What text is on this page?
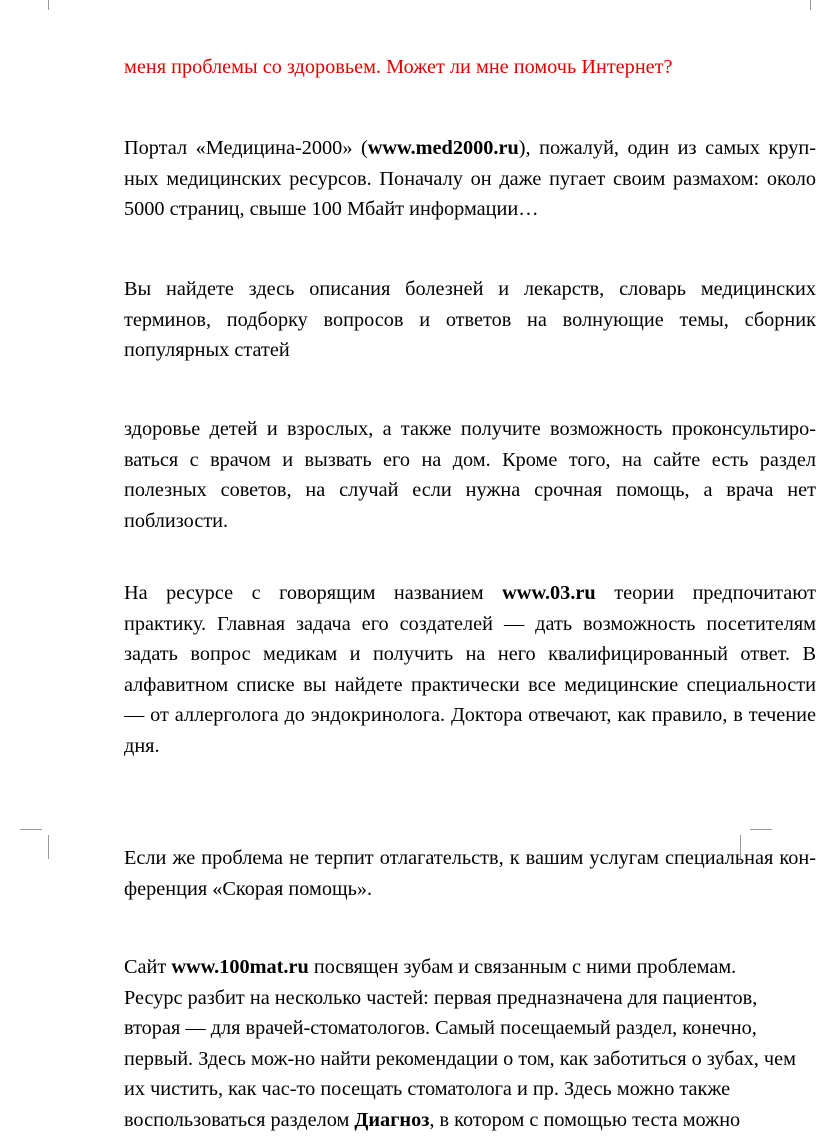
меня проблемы со здоровьем. Может ли мне помочь Интернет?

Портал «Медицина-2000» (www.med2000.ru), пожалуй, один из самых круп-
ных медицинских ресурсов. Поначалу он даже пугает своим размахом: около
5000 страниц, свыше 100 Мбайт информации…

Вы найдете здесь описания болезней и лекарств, словарь медицинских
терминов, подборку вопросов и ответов на волнующие темы, сборник
популярных статей

здоровье детей и взрослых, а также получите возможность проконсультиро-
ваться с врачом и вызвать его на дом. Кроме того, на сайте есть раздел
полезных советов, на случай если нужна срочная помощь, а врача нет
поблизости.

На ресурсе с говорящим названием www.03.ru теории предпочитают
практику. Главная задача его создателей — дать возможность посетителям
задать вопрос медикам и получить на него квалифицированный ответ. В
алфавитном списке вы найдете практически все медицинские специальности
— от аллерголога до эндокринолога. Доктора отвечают, как правило, в течение
дня.

Если же проблема не терпит отлагательств, к вашим услугам специальная кон-
ференция «Скорая помощь».

Сайт www.100mat.ru посвящен зубам и связанным с ними проблемам.
Ресурс разбит на несколько частей: первая предназначена для пациентов,
вторая — для врачей-стоматологов. Самый посещаемый раздел, конечно,
первый. Здесь мож-но найти рекомендации о том, как заботиться о зубах, чем
их чистить, как час-то посещать стоматолога и пр. Здесь можно также
воспользоваться разделом Диагноз, в котором с помощью теста можно
